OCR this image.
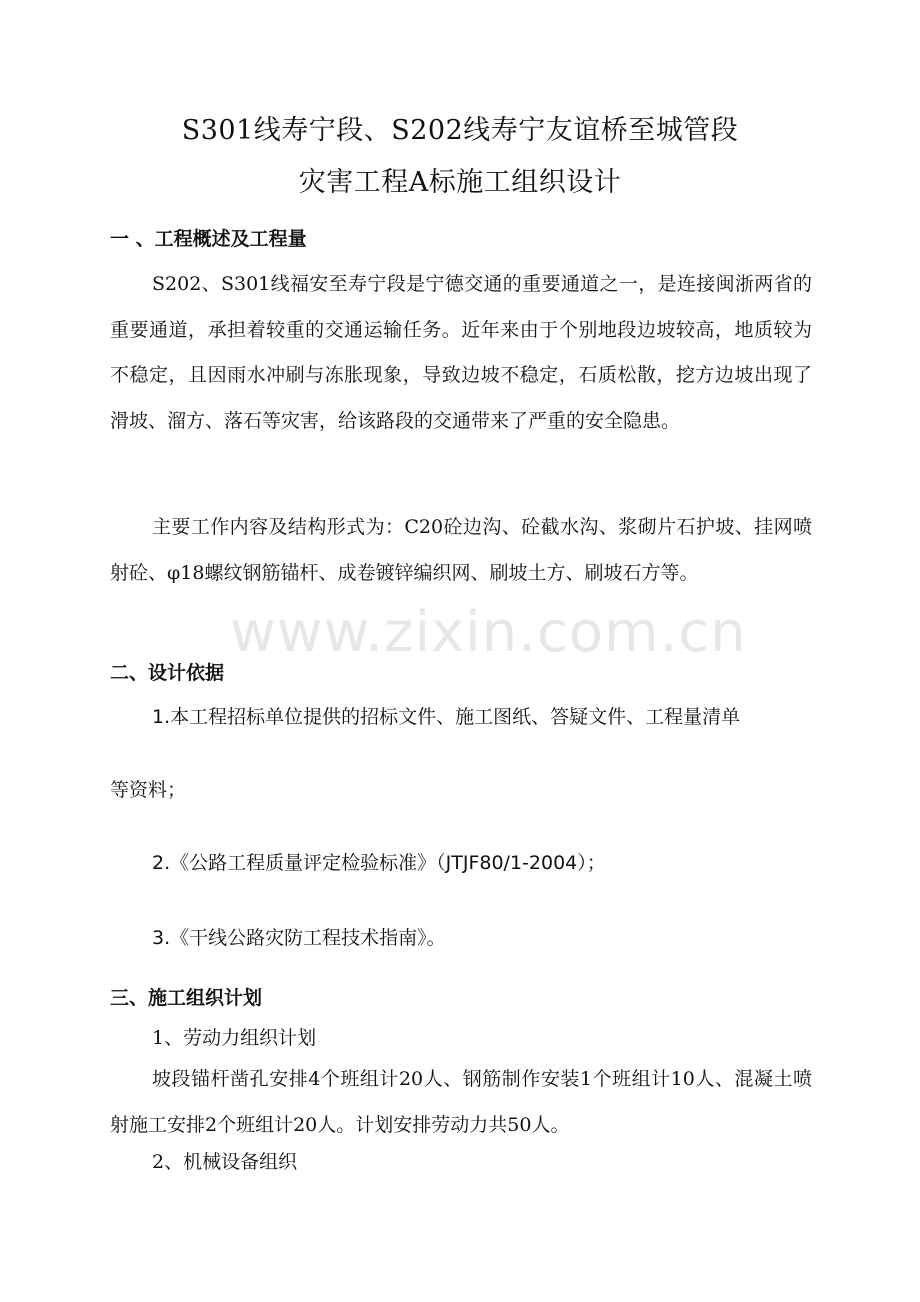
S301线寿宁段、S202线寿宁友谊桥至城管段
灾害工程A标施工组织设计
一 、工程概述及工程量

S202、S301线福安至寿宁段是宁德交通的重要通道之一，是连接闽浙两省的重要通道，承担着较重的交通运输任务。近年来由于个别地段边坡较高，地质较为不稳定，且因雨水冲刷与冻胀现象，导致边坡不稳定，石质松散，挖方边坡出现了滑坡、溜方、落石等灾害，给该路段的交通带来了严重的安全隐患。

主要工作内容及结构形式为：C20砼边沟、砼截水沟、浆砌片石护坡、挂网喷射砼、φ18螺纹钢筋锚杆、成卷镀锌编织网、刷坡土方、刷坡石方等。

www.zixin.com.cn
二、设计依据
1.本工程招标单位提供的招标文件、施工图纸、答疑文件、工程量清单
等资料；
2.《公路工程质量评定检验标准》（JTJF80/1-2004）；
3.《干线公路灾防工程技术指南》。
三、施工组织计划
1、劳动力组织计划

坡段锚杆凿孔安排4个班组计20人、钢筋制作安装1个班组计10人、混凝土喷射施工安排2个班组计20人。计划安排劳动力共50人。

2、机械设备组织
